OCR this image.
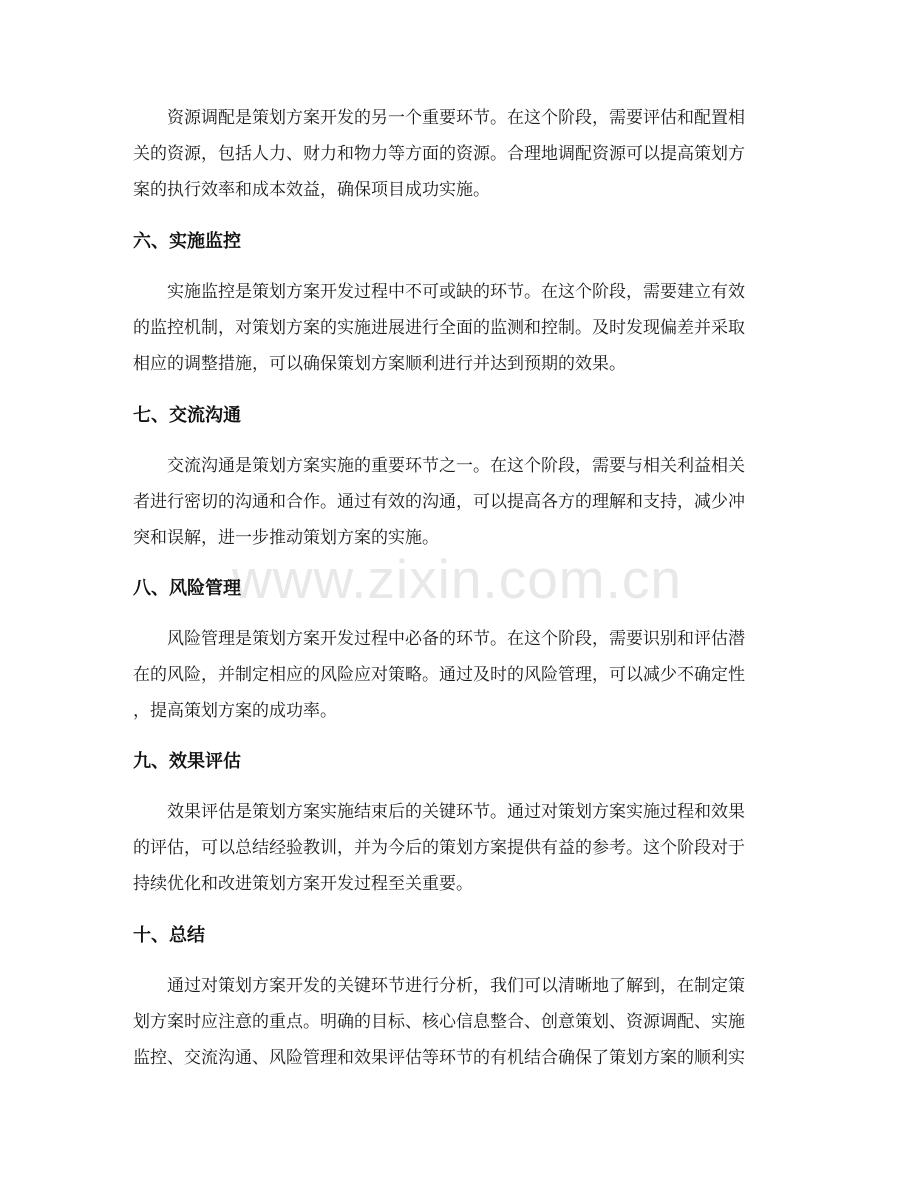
www.zixin.com.cn
　　资源调配是策划方案开发的另一个重要环节。在这个阶段，需要评估和配置相
关的资源，包括人力、财力和物力等方面的资源。合理地调配资源可以提高策划方
案的执行效率和成本效益，确保项目成功实施。
六、实施监控
　　实施监控是策划方案开发过程中不可或缺的环节。在这个阶段，需要建立有效
的监控机制，对策划方案的实施进展进行全面的监测和控制。及时发现偏差并采取
相应的调整措施，可以确保策划方案顺利进行并达到预期的效果。
七、交流沟通
　　交流沟通是策划方案实施的重要环节之一。在这个阶段，需要与相关利益相关
者进行密切的沟通和合作。通过有效的沟通，可以提高各方的理解和支持，减少冲
突和误解，进一步推动策划方案的实施。
八、风险管理
　　风险管理是策划方案开发过程中必备的环节。在这个阶段，需要识别和评估潜
在的风险，并制定相应的风险应对策略。通过及时的风险管理，可以减少不确定性
，提高策划方案的成功率。
九、效果评估
　　效果评估是策划方案实施结束后的关键环节。通过对策划方案实施过程和效果
的评估，可以总结经验教训，并为今后的策划方案提供有益的参考。这个阶段对于
持续优化和改进策划方案开发过程至关重要。
十、总结
　　通过对策划方案开发的关键环节进行分析，我们可以清晰地了解到，在制定策
划方案时应注意的重点。明确的目标、核心信息整合、创意策划、资源调配、实施
监控、交流沟通、风险管理和效果评估等环节的有机结合确保了策划方案的顺利实
